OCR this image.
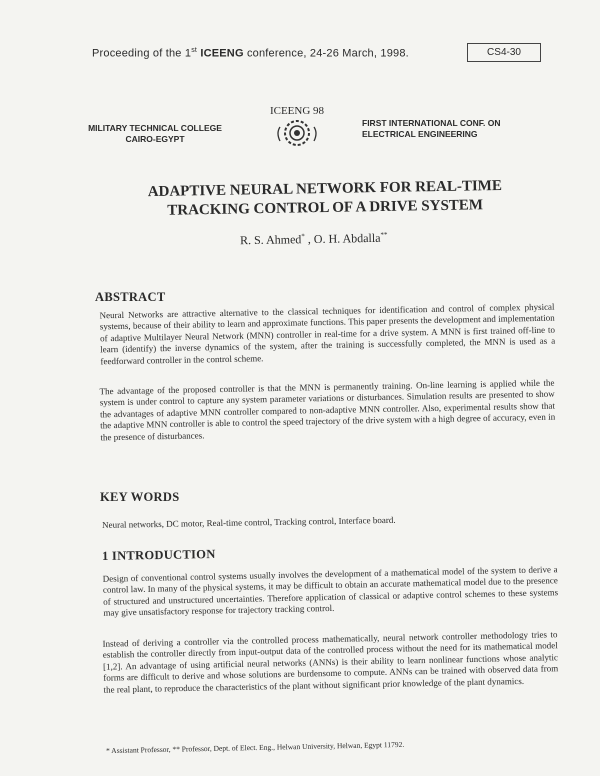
Proceeding of the 1st ICEENG conference, 24-26 March, 1998.	CS4-30
MILITARY TECHNICAL COLLEGE
CAIRO-EGYPT
ICEENG 98
FIRST INTERNATIONAL CONF. ON
ELECTRICAL ENGINEERING
ADAPTIVE NEURAL NETWORK FOR REAL-TIME
TRACKING CONTROL OF A DRIVE SYSTEM
R. S. Ahmed* , O. H. Abdalla**
ABSTRACT
Neural Networks are attractive alternative to the classical techniques for identification and control of complex physical systems, because of their ability to learn and approximate functions. This paper presents the development and implementation of adaptive Multilayer Neural Network (MNN) controller in real-time for a drive system. A MNN is first trained off-line to learn (identify) the inverse dynamics of the system, after the training is successfully completed, the MNN is used as a feedforward controller in the control scheme.
The advantage of the proposed controller is that the MNN is permanently training. On-line learning is applied while the system is under control to capture any system parameter variations or disturbances. Simulation results are presented to show the advantages of adaptive MNN controller compared to non-adaptive MNN controller. Also, experimental results show that the adaptive MNN controller is able to control the speed trajectory of the drive system with a high degree of accuracy, even in the presence of disturbances.
KEY WORDS
Neural networks, DC motor, Real-time control, Tracking control, Interface board.
1 INTRODUCTION
Design of conventional control systems usually involves the development of a mathematical model of the system to derive a control law. In many of the physical systems, it may be difficult to obtain an accurate mathematical model due to the presence of structured and unstructured uncertainties. Therefore application of classical or adaptive control schemes to these systems may give unsatisfactory response for trajectory tracking control.
Instead of deriving a controller via the controlled process mathematically, neural network controller methodology tries to establish the controller directly from input-output data of the controlled process without the need for its mathematical model [1,2]. An advantage of using artificial neural networks (ANNs) is their ability to learn nonlinear functions whose analytic forms are difficult to derive and whose solutions are burdensome to compute. ANNs can be trained with observed data from the real plant, to reproduce the characteristics of the plant without significant prior knowledge of the plant dynamics.
* Assistant Professor, ** Professor, Dept. of Elect. Eng., Helwan University, Helwan, Egypt 11792.
